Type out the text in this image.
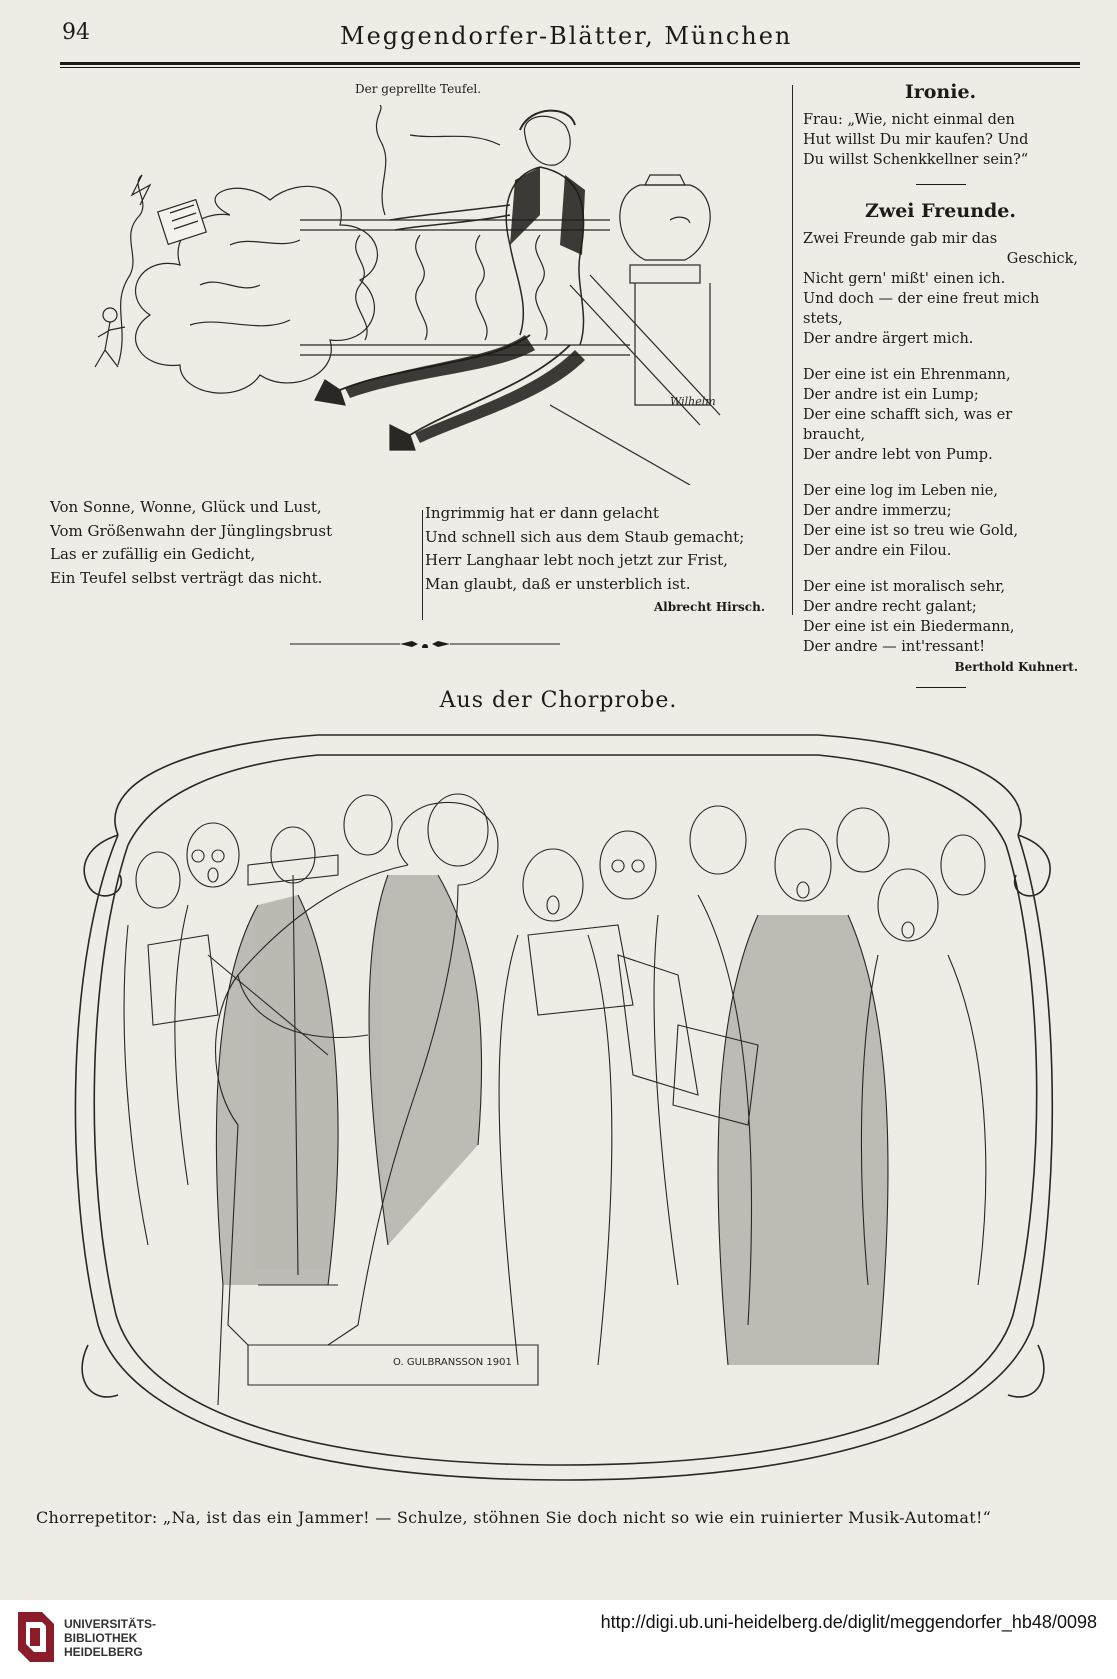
94	Meggendorfer-Blätter, München
Der geprellte Teufel.
Wilhelm
Von Sonne, Wonne, Glück und Lust,
Vom Größenwahn der Jünglingsbrust
Las er zufällig ein Gedicht,
Ein Teufel selbst verträgt das nicht.
Ingrimmig hat er dann gelacht
Und schnell sich aus dem Staub gemacht;
Herr Langhaar lebt noch jetzt zur Frist,
Man glaubt, daß er unsterblich ist.
Albrecht Hirsch.
Ironie.

Frau: „Wie, nicht einmal den

Hut willst Du mir kaufen? Und

Du willst Schenkkellner sein?“

Zwei Freunde.

Zwei Freunde gab mir das

Geschick,

Nicht gern' mißt' einen ich.

Und doch — der eine freut mich stets,

Der andre ärgert mich.

Der eine ist ein Ehrenmann,

Der andre ist ein Lump;

Der eine schafft sich, was er braucht,

Der andre lebt von Pump.

Der eine log im Leben nie,

Der andre immerzu;

Der eine ist so treu wie Gold,

Der andre ein Filou.

Der eine ist moralisch sehr,

Der andre recht galant;

Der eine ist ein Biedermann,

Der andre — int'ressant!

Berthold Kuhnert.
Aus der Chorprobe.
O. GULBRANSSON 1901
Chorrepetitor: „Na, ist das ein Jammer! — Schulze, stöhnen Sie doch nicht so wie ein ruinierter Musik-Automat!“
UNIVERSITÄTS-
BIBLIOTHEK
HEIDELBERG
http://digi.ub.uni-heidelberg.de/diglit/meggendorfer_hb48/0098
